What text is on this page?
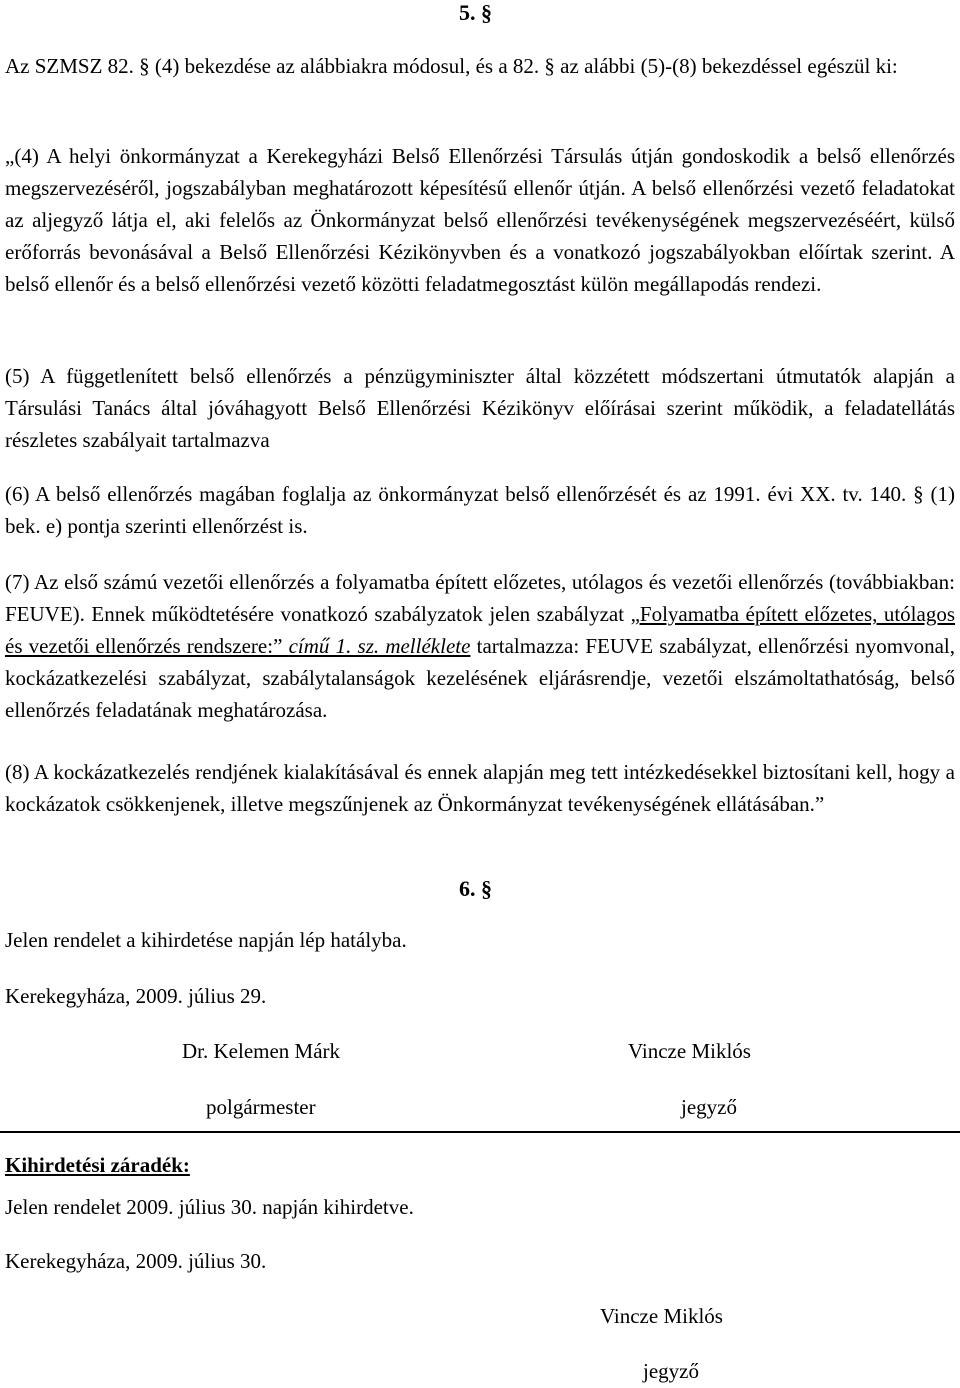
5. §
Az SZMSZ 82. § (4) bekezdése az alábbiakra módosul, és a 82. § az alábbi (5)-(8) bekezdéssel egészül ki:
„(4) A helyi önkormányzat a Kerekegyházi Belső Ellenőrzési Társulás útján gondoskodik a belső ellenőrzés megszervezéséről, jogszabályban meghatározott képesítésű ellenőr útján. A belső ellenőrzési vezető feladatokat az aljegyző látja el, aki felelős az Önkormányzat belső ellenőrzési tevékenységének megszervezéséért, külső erőforrás bevonásával a Belső Ellenőrzési Kézikönyvben és a vonatkozó jogszabályokban előírtak szerint. A belső ellenőr és a belső ellenőrzési vezető közötti feladatmegosztást külön megállapodás rendezi.
(5) A függetlenített belső ellenőrzés a pénzügyminiszter által közzétett módszertani útmutatók alapján a Társulási Tanács által jóváhagyott Belső Ellenőrzési Kézikönyv előírásai szerint működik, a feladatellátás részletes szabályait tartalmazva
(6) A belső ellenőrzés magában foglalja az önkormányzat belső ellenőrzését és az 1991. évi XX. tv. 140. § (1) bek. e) pontja szerinti ellenőrzést is.
(7) Az első számú vezetői ellenőrzés a folyamatba épített előzetes, utólagos és vezetői ellenőrzés (továbbiakban: FEUVE). Ennek működtetésére vonatkozó szabályzatok jelen szabályzat „Folyamatba épített előzetes, utólagos és vezetői ellenőrzés rendszere:” című 1. sz. melléklete tartalmazza: FEUVE szabályzat, ellenőrzési nyomvonal, kockázatkezelési szabályzat, szabálytalanságok kezelésének eljárásrendje, vezetői elszámoltathatóság, belső ellenőrzés feladatának meghatározása.
(8) A kockázatkezelés rendjének kialakításával és ennek alapján meg tett intézkedésekkel biztosítani kell, hogy a kockázatok csökkenjenek, illetve megszűnjenek az Önkormányzat tevékenységének ellátásában.”
6. §
Jelen rendelet a kihirdetése napján lép hatályba.
Kerekegyháza, 2009. július 29.
Dr. Kelemen Márk	Vincze Miklós
polgármester	jegyző
Kihirdetési záradék:
Jelen rendelet 2009. július 30. napján kihirdetve.
Kerekegyháza, 2009. július 30.
Vincze Miklós
jegyző
